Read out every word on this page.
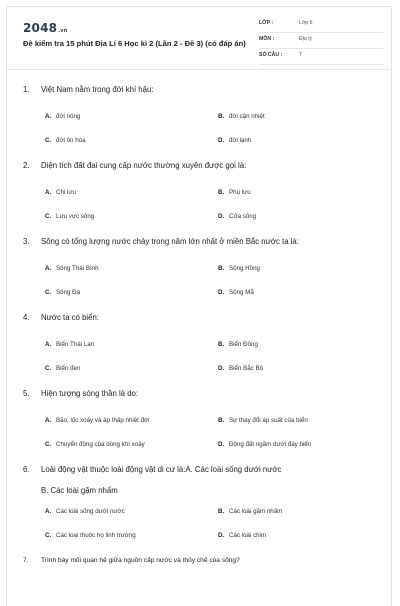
2048.vn
Đề kiểm tra 15 phút Địa Lí 6 Học kì 2 (Lần 2 - Đề 3) (có đáp án)
LỚP :	Lớp 6
MÔN :	Địa lý
SỐ CÂU :	7
1.	Việt Nam nằm trong đới khí hậu:
A. đới nóng	B. đới cận nhiệt
C. đới ôn hòa	D. đới lạnh
2.	Diện tích đất đai cung cấp nước thường xuyên được gọi là:
A. Chi lưu	B. Phụ lưu
C. Lưu vực sông	D. Cửa sông
3.	Sông có tổng lượng nước chảy trong năm lớn nhất ở miền Bắc nước ta là:
A. Sông Thái Bình	B. Sông Hồng
C. Sông Đà	D. Sông Mã
4.	Nước ta có biển:
A. Biển Thái Lan	B. Biển Đông
C. Biển đen	D. Biển Bắc Bộ
5.	Hiện tượng sóng thần là do:
A. Bão, lốc xoáy và áp thấp nhiệt đới	B. Sự thay đổi áp suất của biển
C. Chuyển động của dòng khí xoáy	D. Động đất ngầm dưới đáy biển
6.	Loài động vật thuộc loài động vật di cư là:A. Các loài sống dưới nước
B. Các loài gặm nhấm
A. Các loài sống dưới nước	B. Các loài gặm nhấm
C. Các loại thuộc họ linh trưởng	D. Các loài chim
7.	Trình bày mối quan hệ giữa nguồn cấp nước và thủy chế của sông?
